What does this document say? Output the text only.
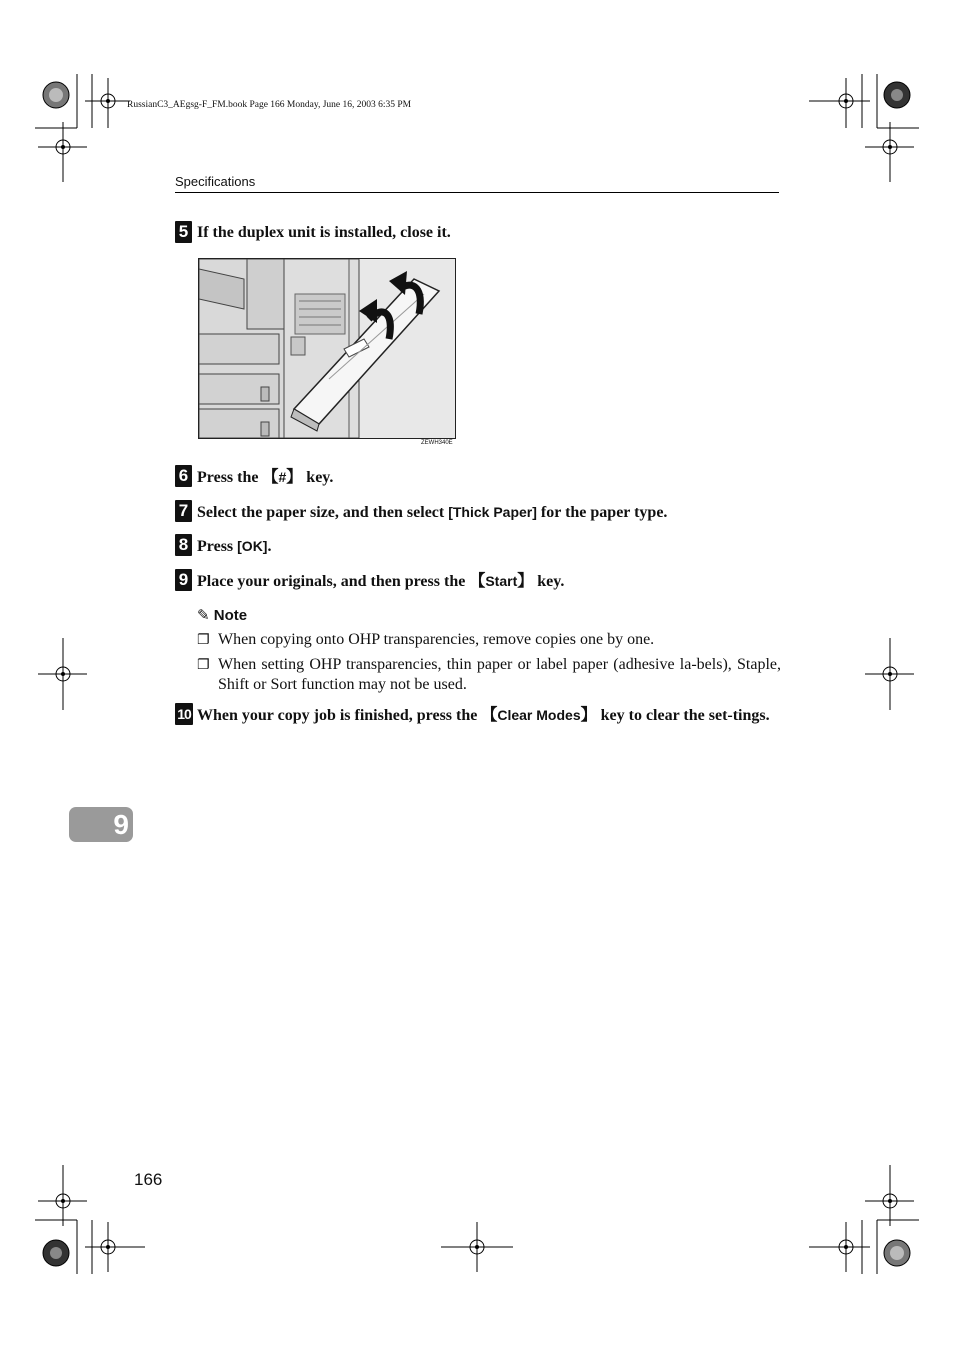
RussianC3_AEgsg-F_FM.book Page 166 Monday, June 16, 2003 6:35 PM
Specifications
5 If the duplex unit is installed, close it.
ZEWH340E
6 Press the 【#】 key.
7 Select the paper size, and then select [Thick Paper] for the paper type.
8 Press [OK].
9 Place your originals, and then press the 【Start】 key.
✎ Note
❐ When copying onto OHP transparencies, remove copies one by one.
❐ When setting OHP transparencies, thin paper or label paper (adhesive la-bels), Staple, Shift or Sort function may not be used.
10 When your copy job is finished, press the 【Clear Modes】 key to clear the set-tings.
9
166
